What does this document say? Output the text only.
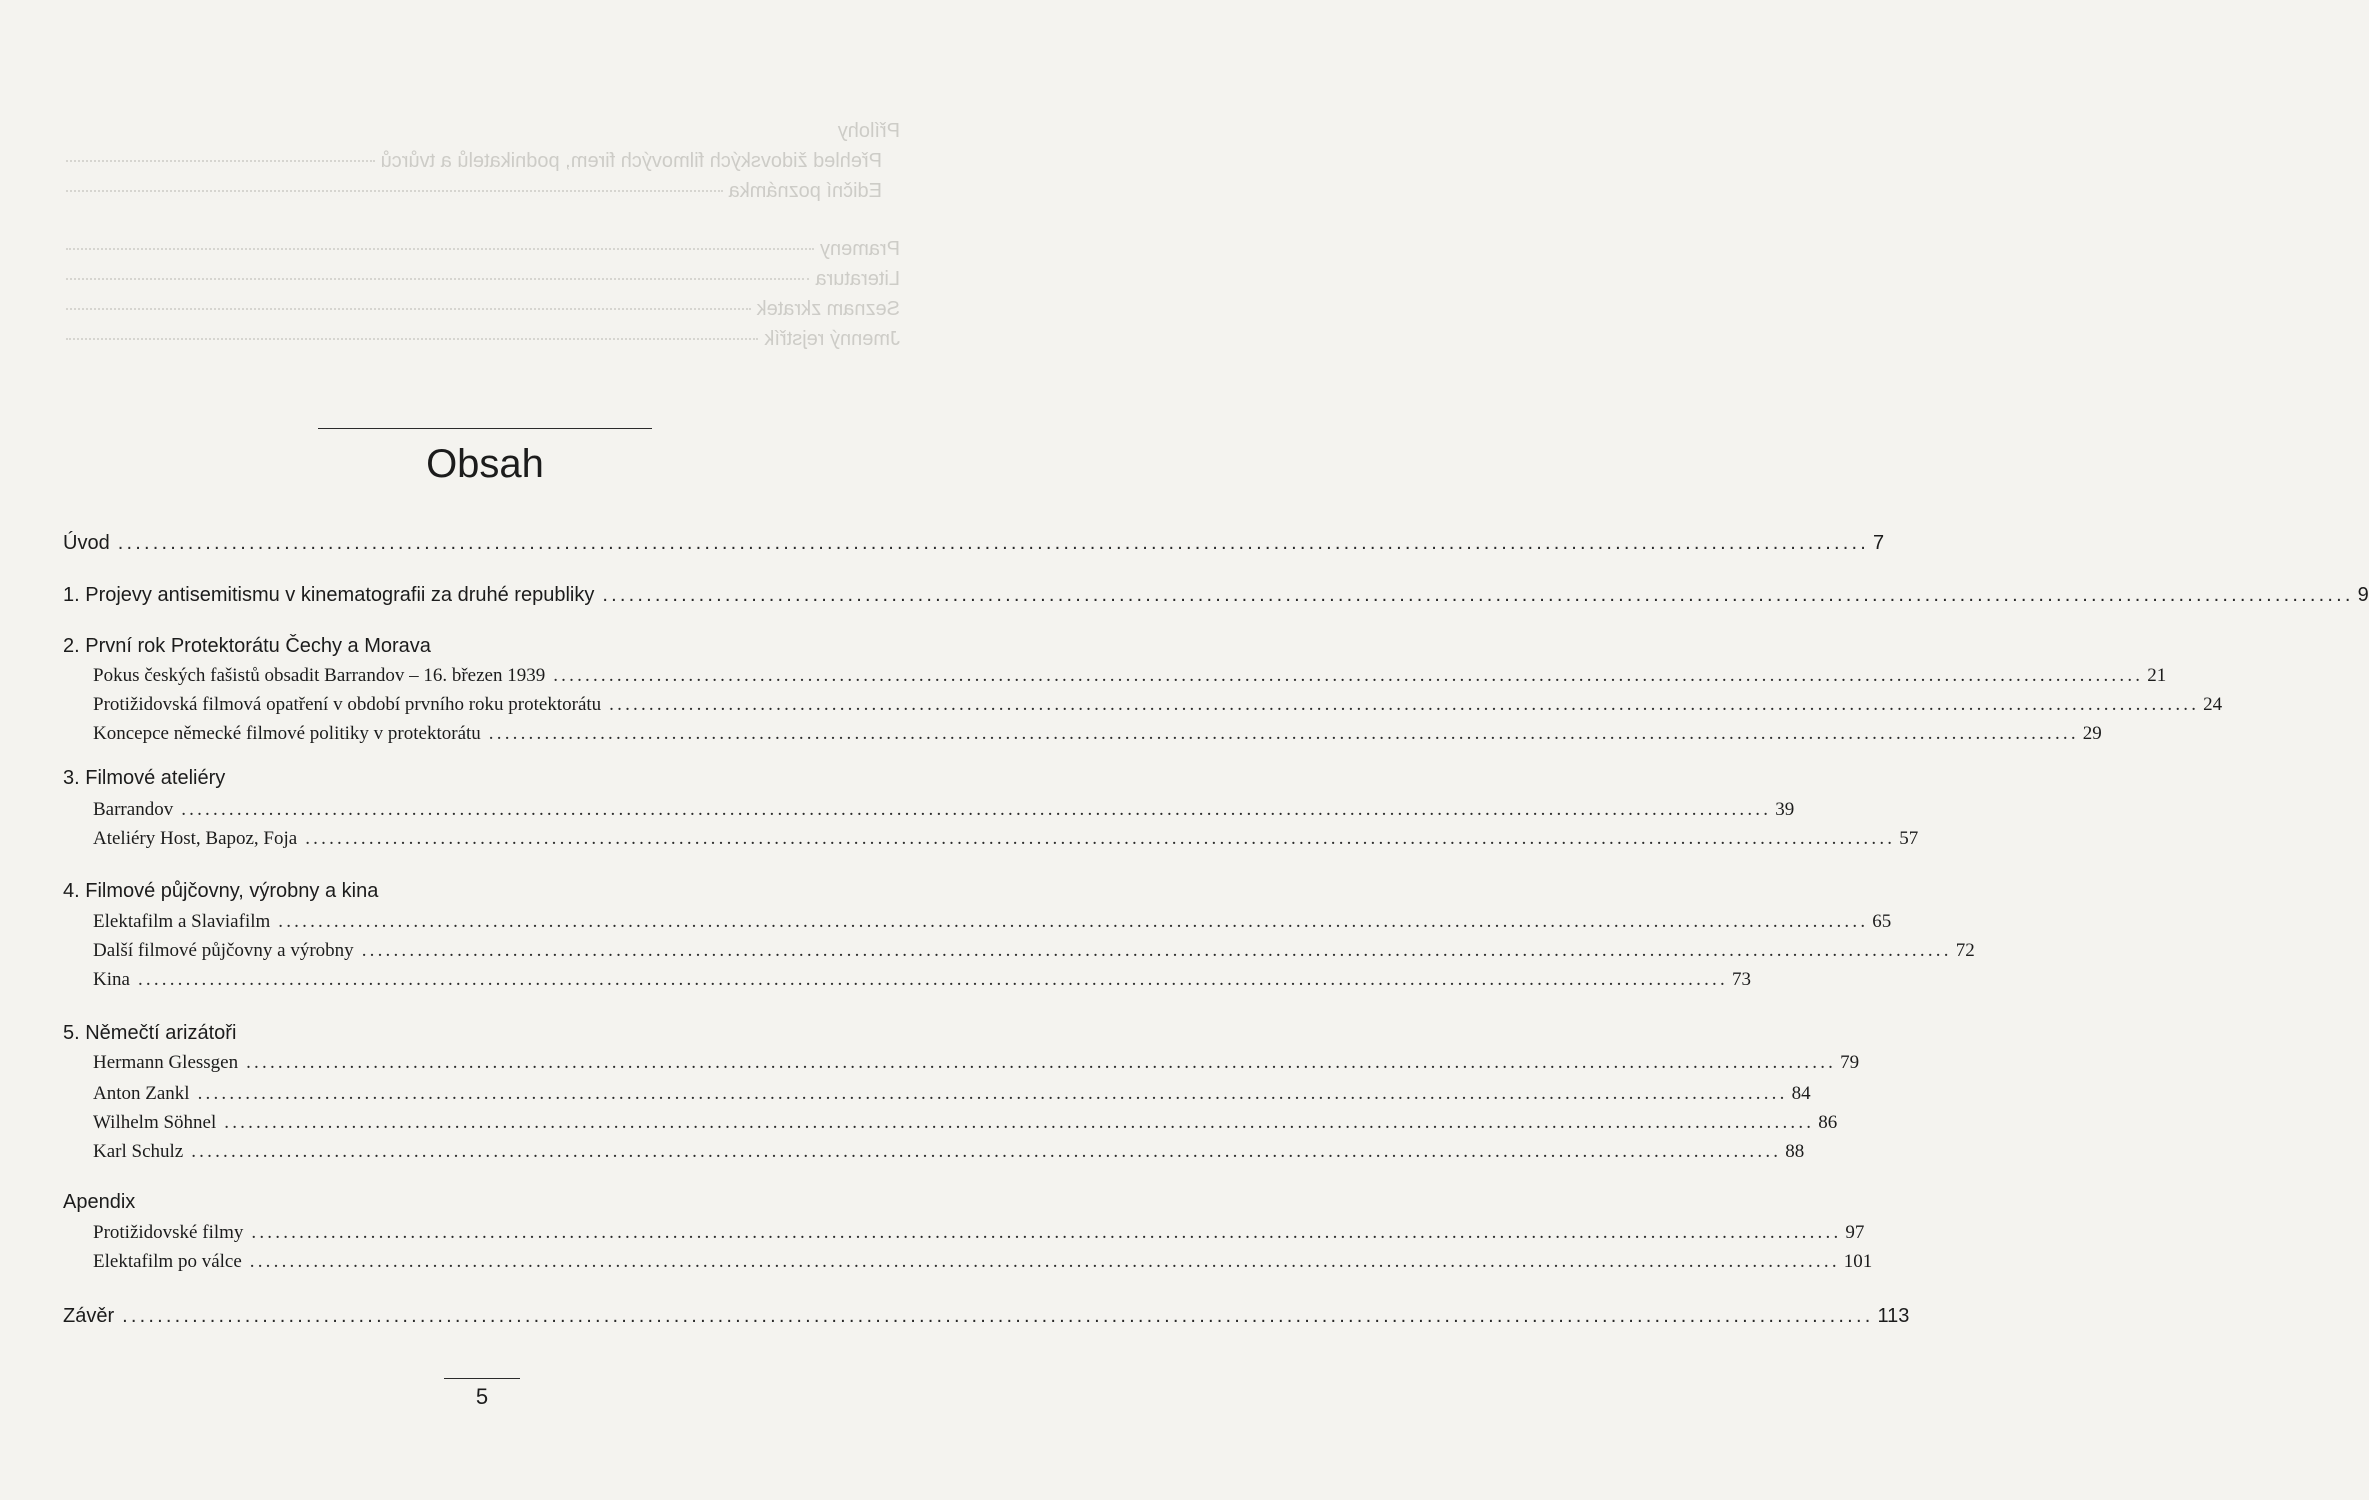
Přílohy
Přehled židovských filmových firem, podnikatelů a tvůrců
Ediční poznámka
Prameny
Literatura
Seznam zkratek
Jmenný rejstřík
Obsah
Úvod ........................................................................................................................................................................................................ 7
1. Projevy antisemitismu v kinematografii za druhé republiky ........................................................................................................................................................................................................ 9
2. První rok Protektorátu Čechy a Morava
Pokus českých fašistů obsadit Barrandov – 16. březen 1939 ........................................................................................................................................................................................................ 21
Protižidovská filmová opatření v období prvního roku protektorátu ........................................................................................................................................................................................................ 24
Koncepce německé filmové politiky v protektorátu ........................................................................................................................................................................................................ 29
3. Filmové ateliéry
Barrandov ........................................................................................................................................................................................................ 39
Ateliéry Host, Bapoz, Foja ........................................................................................................................................................................................................ 57
4. Filmové půjčovny, výrobny a kina
Elektafilm a Slaviafilm ........................................................................................................................................................................................................ 65
Další filmové půjčovny a výrobny ........................................................................................................................................................................................................ 72
Kina ........................................................................................................................................................................................................ 73
5. Němečtí arizátoři
Hermann Glessgen ........................................................................................................................................................................................................ 79
Anton Zankl ........................................................................................................................................................................................................ 84
Wilhelm Söhnel ........................................................................................................................................................................................................ 86
Karl Schulz ........................................................................................................................................................................................................ 88
Apendix
Protižidovské filmy ........................................................................................................................................................................................................ 97
Elektafilm po válce ........................................................................................................................................................................................................ 101
Závěr ........................................................................................................................................................................................................ 113
5
